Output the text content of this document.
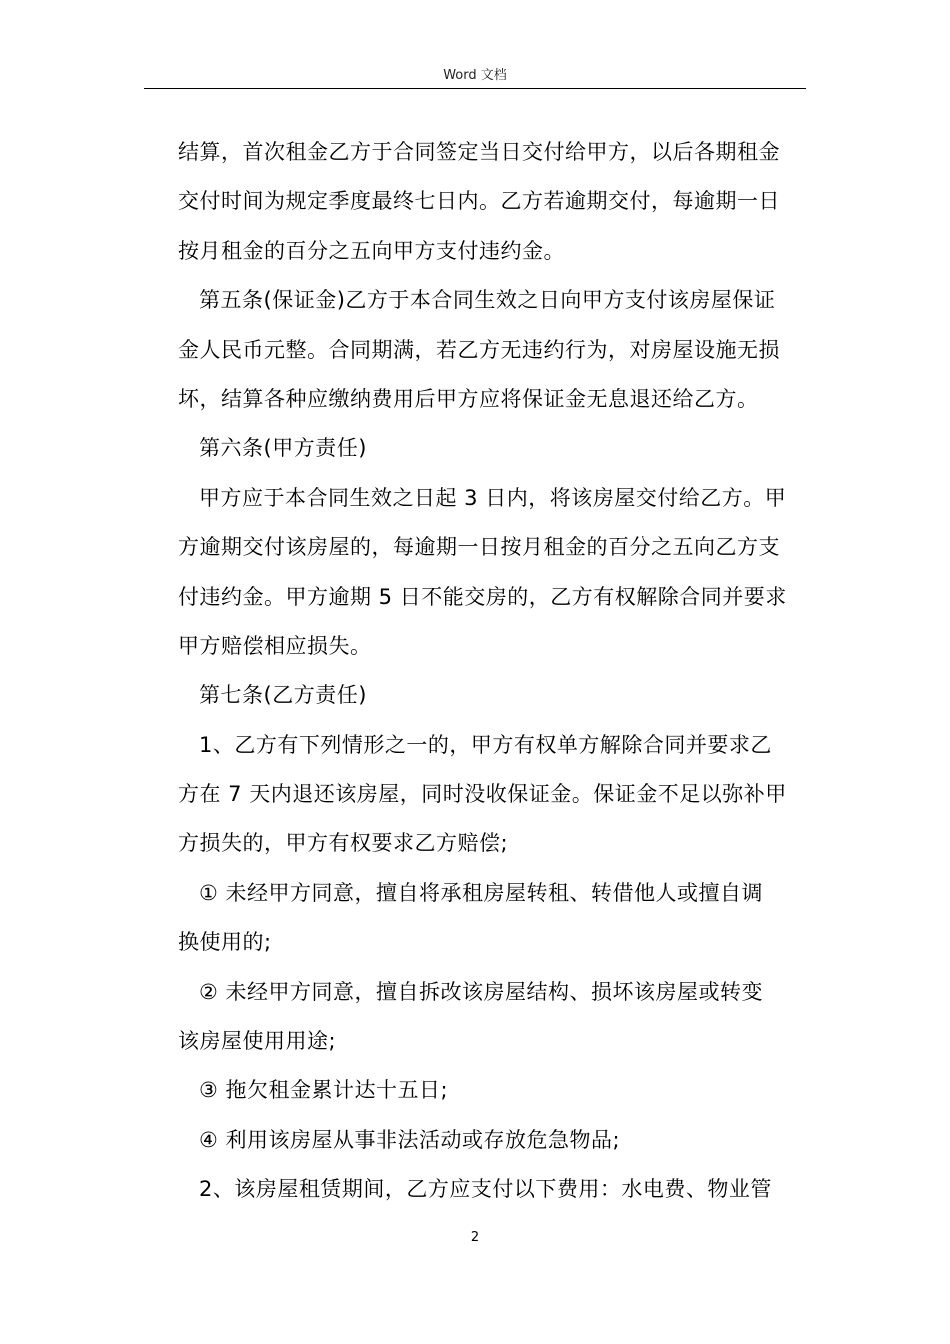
Word 文档
结算，首次租金乙方于合同签定当日交付给甲方，以后各期租金
交付时间为规定季度最终七日内。乙方若逾期交付，每逾期一日
按月租金的百分之五向甲方支付违约金。
第五条(保证金)乙方于本合同生效之日向甲方支付该房屋保证
金人民币元整。合同期满，若乙方无违约行为，对房屋设施无损
坏，结算各种应缴纳费用后甲方应将保证金无息退还给乙方。
第六条(甲方责任)
甲方应于本合同生效之日起 3 日内，将该房屋交付给乙方。甲
方逾期交付该房屋的，每逾期一日按月租金的百分之五向乙方支
付违约金。甲方逾期 5 日不能交房的，乙方有权解除合同并要求
甲方赔偿相应损失。
第七条(乙方责任)
1、乙方有下列情形之一的，甲方有权单方解除合同并要求乙
方在 7 天内退还该房屋，同时没收保证金。保证金不足以弥补甲
方损失的，甲方有权要求乙方赔偿;
① 未经甲方同意，擅自将承租房屋转租、转借他人或擅自调
换使用的;
② 未经甲方同意，擅自拆改该房屋结构、损坏该房屋或转变
该房屋使用用途;
③ 拖欠租金累计达十五日;
④ 利用该房屋从事非法活动或存放危急物品;
2、该房屋租赁期间，乙方应支付以下费用：水电费、物业管
2
